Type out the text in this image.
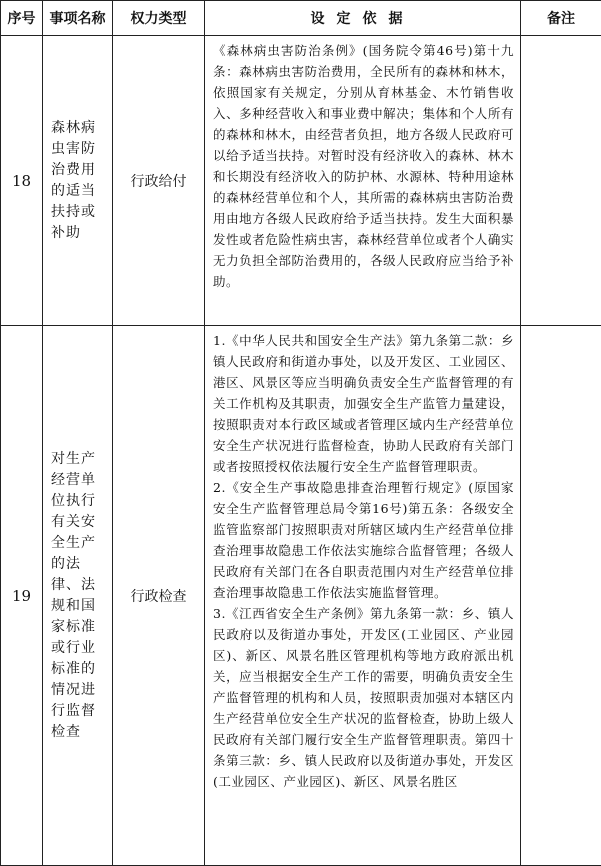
序号	事项名称	权力类型	设定依据	备注
18	森林病虫害防治费用的适当扶持或补助	行政给付	《森林病虫害防治条例》(国务院令第46号)第十九条：森林病虫害防治费用，全民所有的森林和林木，依照国家有关规定，分别从育林基金、木竹销售收入、多种经营收入和事业费中解决；集体和个人所有的森林和林木，由经营者负担，地方各级人民政府可以给予适当扶持。对暂时没有经济收入的森林、林木和长期没有经济收入的防护林、水源林、特种用途林的森林经营单位和个人，其所需的森林病虫害防治费用由地方各级人民政府给予适当扶持。发生大面积暴发性或者危险性病虫害，森林经营单位或者个人确实无力负担全部防治费用的，各级人民政府应当给予补助。	

19	对生产经营单位执行有关安全生产的法律、法规和国家标准或行业标准的情况进行监督检查	行政检查	1.《中华人民共和国安全生产法》第九条第二款：乡镇人民政府和街道办事处，以及开发区、工业园区、港区、风景区等应当明确负责安全生产监督管理的有关工作机构及其职责，加强安全生产监管力量建设，按照职责对本行政区域或者管理区域内生产经营单位安全生产状况进行监督检查，协助人民政府有关部门或者按照授权依法履行安全生产监督管理职责。
2.《安全生产事故隐患排查治理暂行规定》(原国家安全生产监督管理总局令第16号)第五条：各级安全监管监察部门按照职责对所辖区域内生产经营单位排查治理事故隐患工作依法实施综合监督管理；各级人民政府有关部门在各自职责范围内对生产经营单位排查治理事故隐患工作依法实施监督管理。
3.《江西省安全生产条例》第九条第一款：乡、镇人民政府以及街道办事处，开发区(工业园区、产业园区)、新区、风景名胜区管理机构等地方政府派出机关，应当根据安全生产工作的需要，明确负责安全生产监督管理的机构和人员，按照职责加强对本辖区内生产经营单位安全生产状况的监督检查，协助上级人民政府有关部门履行安全生产监督管理职责。第四十条第三款：乡、镇人民政府以及街道办事处，开发区(工业园区、产业园区)、新区、风景名胜区	
